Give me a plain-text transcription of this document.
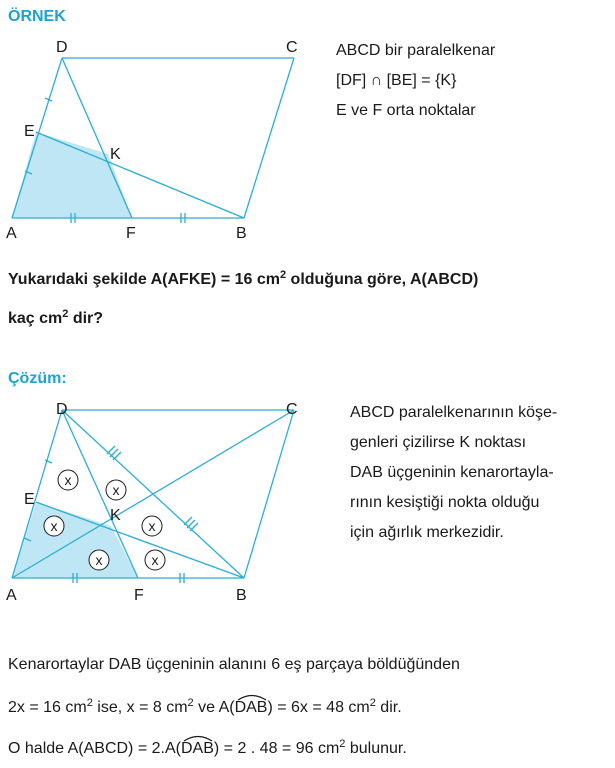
ÖRNEK
D	C
E
K
A	F	B

ABCD bir paralelkenar

[DF] ∩ [BE] = {K}

E ve F orta noktalar

Yukarıdaki şekilde A(AFKE) = 16 $cm^2$ olduğuna göre, A(ABCD)
kaç $cm^2$ dir?
Çözüm:
x
x
x	x
x	x
D	C
E
K
A	F	B

ABCD paralelkenarının köşe-

genleri çizilirse K noktası

DAB üçgeninin kenarortayla-

rının kesiştiği nokta olduğu

için ağırlık merkezidir.

Kenarortaylar DAB üçgeninin alanını 6 eş parçaya böldüğünden
2x = 16 $cm^2$ ise, x = 8 $cm^2$ ve A(
DAB) = 6x = 48 $cm^2$ dir.
O halde A(ABCD) = 2.A(
DAB) = 2 . 48 = 96 $cm^2$ bulunur.
